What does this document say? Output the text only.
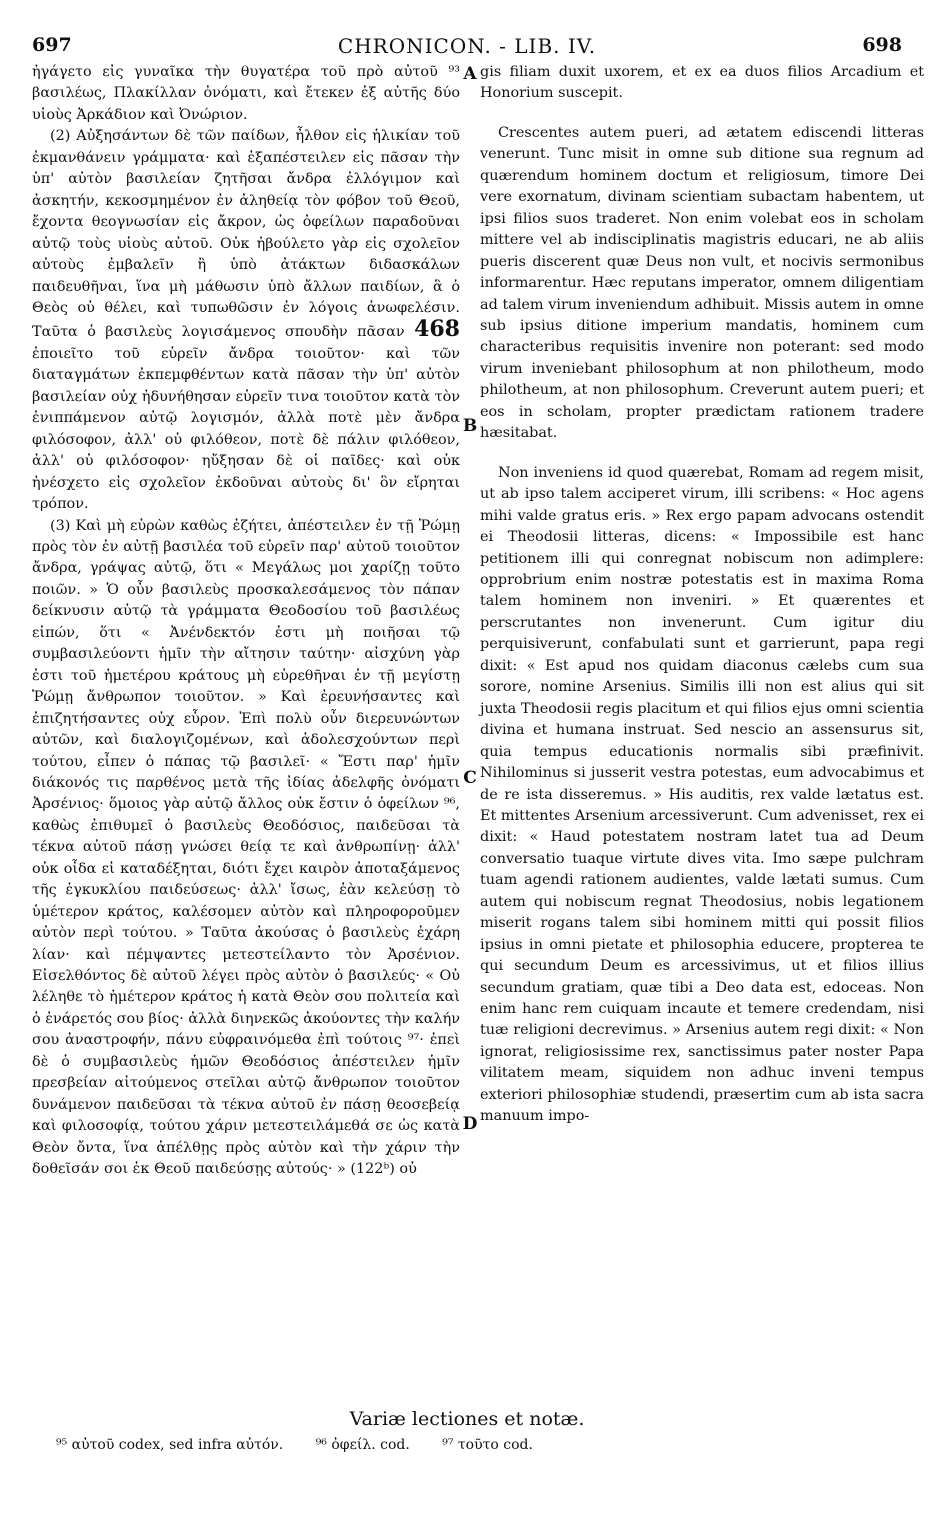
697	CHRONICON. - LIB. IV.	698

ἠγάγετο εἰς γυναῖκα τὴν θυγατέρα τοῦ πρὸ αὐτοῦ ⁹³ βασιλέως, Πλακίλλαν ὀνόματι, καὶ ἔτεκεν ἐξ αὐτῆς δύο υἱοὺς Ἀρκάδιον καὶ Ὀνώριον.

(2) Αὐξησάντων δὲ τῶν παίδων, ἦλθον εἰς ἡλικίαν τοῦ ἐκμανθάνειν γράμματα· καὶ ἐξαπέστειλεν εἰς πᾶσαν τὴν ὑπ' αὐτὸν βασιλείαν ζητῆσαι ἄνδρα ἐλλόγιμον καὶ ἀσκητήν, κεκοσμημένον ἐν ἀληθείᾳ τὸν φόβον τοῦ Θεοῦ, ἔχοντα θεογνωσίαν εἰς ἄκρον, ὡς ὀφείλων παραδοῦναι αὐτῷ τοὺς υἱοὺς αὐτοῦ. Οὐκ ἠβούλετο γὰρ εἰς σχολεῖον αὐτοὺς ἐμβαλεῖν ἢ ὑπὸ ἀτάκτων διδασκάλων παιδευθῆναι, ἵνα μὴ μάθωσιν ὑπὸ ἄλλων παιδίων, ἃ ὁ Θεὸς οὐ θέλει, καὶ τυπωθῶσιν ἐν λόγοις ἀνωφελέσιν. Ταῦτα ὁ βασιλεὺς λογισάμενος σπουδὴν πᾶσαν 468 ἐποιεῖτο τοῦ εὑρεῖν ἄνδρα τοιοῦτον· καὶ τῶν διαταγμάτων ἐκπεμφθέντων κατὰ πᾶσαν τὴν ὑπ' αὐτὸν βασιλείαν οὐχ ἠδυνήθησαν εὑρεῖν τινα τοιοῦτον κατὰ τὸν ἐνιππάμενον αὐτῷ λογισμόν, ἀλλὰ ποτὲ μὲν ἄνδρα φιλόσοφον, ἀλλ' οὐ φιλόθεον, ποτὲ δὲ πάλιν φιλόθεον, ἀλλ' οὐ φιλόσοφον· ηὔξησαν δὲ οἱ παῖδες· καὶ οὐκ ἠνέσχετο εἰς σχολεῖον ἐκδοῦναι αὐτοὺς δι' ὃν εἴρηται τρόπον.

(3) Καὶ μὴ εὑρὼν καθὼς ἐζήτει, ἀπέστειλεν ἐν τῇ Ῥώμῃ πρὸς τὸν ἐν αὐτῇ βασιλέα τοῦ εὑρεῖν παρ' αὐτοῦ τοιοῦτον ἄνδρα, γράψας αὐτῷ, ὅτι « Μεγάλως μοι χαρίζῃ τοῦτο ποιῶν. » Ὁ οὖν βασιλεὺς προσκαλεσάμενος τὸν πάπαν δείκνυσιν αὐτῷ τὰ γράμματα Θεοδοσίου τοῦ βασιλέως εἰπών, ὅτι « Ἀνένδεκτόν ἐστι μὴ ποιῆσαι τῷ συμβασιλεύοντι ἡμῖν τὴν αἴτησιν ταύτην· αἰσχύνη γὰρ ἐστι τοῦ ἡμετέρου κράτους μὴ εὑρεθῆναι ἐν τῇ μεγίστῃ Ῥώμῃ ἄνθρωπον τοιοῦτον. » Καὶ ἐρευνήσαντες καὶ ἐπιζητήσαντες οὐχ εὗρον. Ἐπὶ πολὺ οὖν διερευνώντων αὐτῶν, καὶ διαλογιζομένων, καὶ ἀδολεσχούντων περὶ τούτου, εἶπεν ὁ πάπας τῷ βασιλεῖ· « Ἔστι παρ' ἡμῖν διάκονός τις παρθένος μετὰ τῆς ἰδίας ἀδελφῆς ὀνόματι Ἀρσένιος· ὅμοιος γὰρ αὐτῷ ἄλλος οὐκ ἔστιν ὁ ὀφείλων ⁹⁶, καθὼς ἐπιθυμεῖ ὁ βασιλεὺς Θεοδόσιος, παιδεῦσαι τὰ τέκνα αὐτοῦ πάσῃ γνώσει θείᾳ τε καὶ ἀνθρωπίνῃ· ἀλλ' οὐκ οἶδα εἰ καταδέξηται, διότι ἔχει καιρὸν ἀποταξάμενος τῆς ἐγκυκλίου παιδεύσεως· ἀλλ' ἴσως, ἐὰν κελεύσῃ τὸ ὑμέτερον κράτος, καλέσομεν αὐτὸν καὶ πληροφοροῦμεν αὐτὸν περὶ τούτου. » Ταῦτα ἀκούσας ὁ βασιλεὺς ἐχάρη λίαν· καὶ πέμψαντες μετεστείλαντο τὸν Ἀρσένιον. Εἰσελθόντος δὲ αὐτοῦ λέγει πρὸς αὐτὸν ὁ βασιλεύς· « Οὐ λέληθε τὸ ἡμέτερον κράτος ἡ κατὰ Θεὸν σου πολιτεία καὶ ὁ ἐνάρετός σου βίος· ἀλλὰ διηνεκῶς ἀκούοντες τὴν καλήν σου ἀναστροφήν, πάνυ εὐφραινόμεθα ἐπὶ τούτοις ⁹⁷· ἐπεὶ δὲ ὁ συμβασιλεὺς ἡμῶν Θεοδόσιος ἀπέστειλεν ἡμῖν πρεσβείαν αἰτούμενος στεῖλαι αὐτῷ ἄνθρωπον τοιοῦτον δυνάμενον παιδεῦσαι τὰ τέκνα αὐτοῦ ἐν πάσῃ θεοσεβείᾳ καὶ φιλοσοφίᾳ, τούτου χάριν μετεστειλάμεθά σε ὡς κατὰ Θεὸν ὄντα, ἵνα ἀπέλθῃς πρὸς αὐτὸν καὶ τὴν χάριν τὴν δοθεῖσάν σοι ἐκ Θεοῦ παιδεύσῃς αὐτούς· » (122ᵇ) οὐ

A
B
C
D

gis filiam duxit uxorem, et ex ea duos filios Arcadium et Honorium suscepit.

Crescentes autem pueri, ad ætatem ediscendi litteras venerunt. Tunc misit in omne sub ditione sua regnum ad quærendum hominem doctum et religiosum, timore Dei vere exornatum, divinam scientiam subactam habentem, ut ipsi filios suos traderet. Non enim volebat eos in scholam mittere vel ab indisciplinatis magistris educari, ne ab aliis pueris discerent quæ Deus non vult, et nocivis sermonibus informarentur. Hæc reputans imperator, omnem diligentiam ad talem virum inveniendum adhibuit. Missis autem in omne sub ipsius ditione imperium mandatis, hominem cum characteribus requisitis invenire non poterant: sed modo virum inveniebant philosophum at non philotheum, modo philotheum, at non philosophum. Creverunt autem pueri; et eos in scholam, propter prædictam rationem tradere hæsitabat.

Non inveniens id quod quærebat, Romam ad regem misit, ut ab ipso talem acciperet virum, illi scribens: « Hoc agens mihi valde gratus eris. » Rex ergo papam advocans ostendit ei Theodosii litteras, dicens: « Impossibile est hanc petitionem illi qui conregnat nobiscum non adimplere: opprobrium enim nostræ potestatis est in maxima Roma talem hominem non inveniri. » Et quærentes et perscrutantes non invenerunt. Cum igitur diu perquisiverunt, confabulati sunt et garrierunt, papa regi dixit: « Est apud nos quidam diaconus cælebs cum sua sorore, nomine Arsenius. Similis illi non est alius qui sit juxta Theodosii regis placitum et qui filios ejus omni scientia divina et humana instruat. Sed nescio an assensurus sit, quia tempus educationis normalis sibi præfinivit. Nihilominus si jusserit vestra potestas, eum advocabimus et de re ista disseremus. » His auditis, rex valde lætatus est. Et mittentes Arsenium arcessiverunt. Cum advenisset, rex ei dixit: « Haud potestatem nostram latet tua ad Deum conversatio tuaque virtute dives vita. Imo sæpe pulchram tuam agendi rationem audientes, valde lætati sumus. Cum autem qui nobiscum regnat Theodosius, nobis legationem miserit rogans talem sibi hominem mitti qui possit filios ipsius in omni pietate et philosophia educere, propterea te qui secundum Deum es arcessivimus, ut et filios illius secundum gratiam, quæ tibi a Deo data est, edoceas. Non enim hanc rem cuiquam incaute et temere credendam, nisi tuæ religioni decrevimus. » Arsenius autem regi dixit: « Non ignorat, religiosissime rex, sanctissimus pater noster Papa vilitatem meam, siquidem non adhuc inveni tempus exteriori philosophiæ studendi, præsertim cum ab ista sacra manuum impo-

Variæ lectiones et notæ.
⁹⁵ αὐτοῦ codex, sed infra αὐτόν. ⁹⁶ ὀφείλ. cod. ⁹⁷ τοῦτο cod.
